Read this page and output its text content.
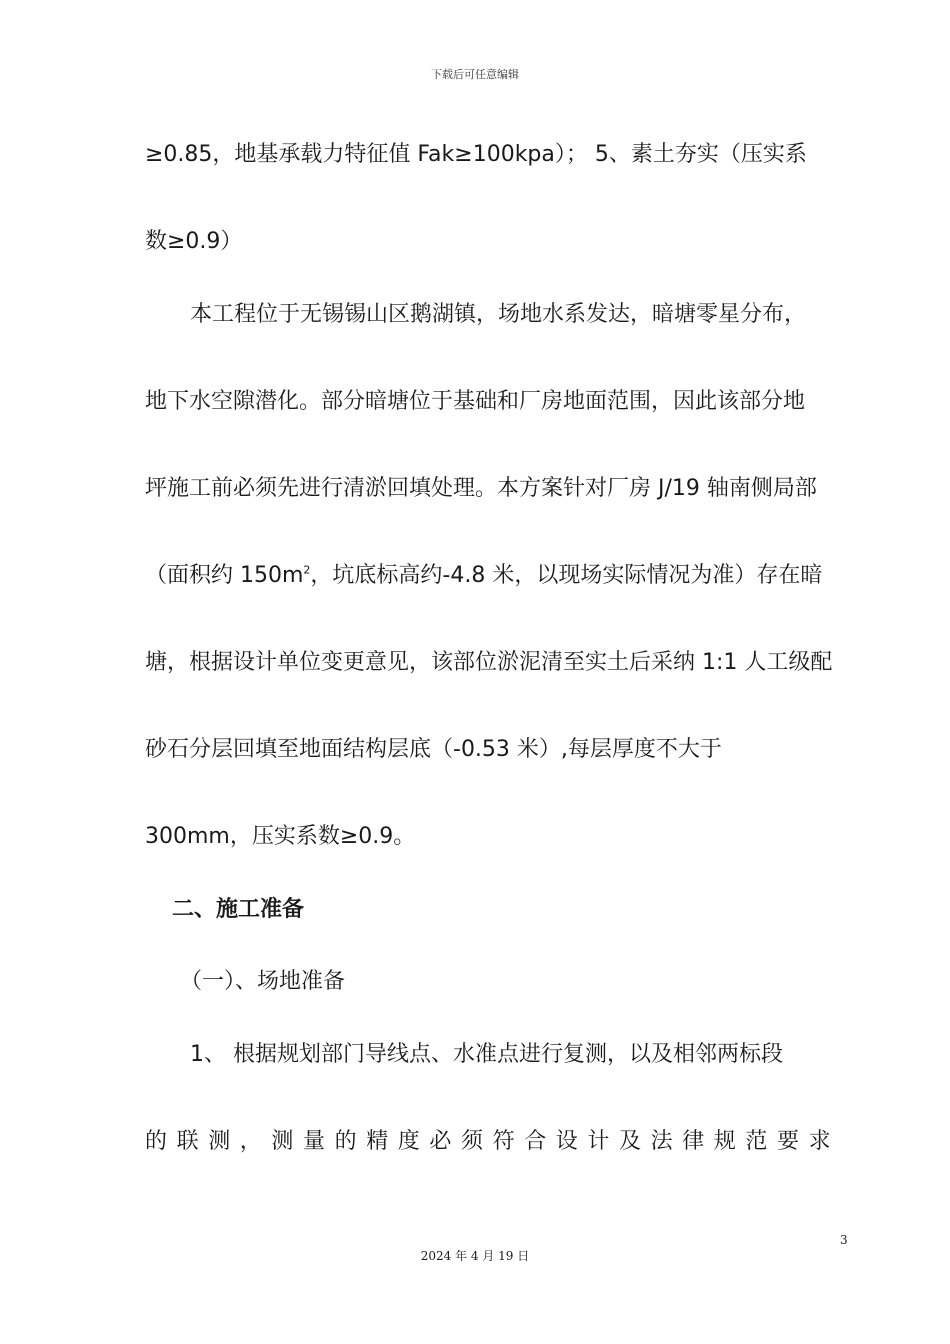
下载后可任意编辑
≥0.85，地基承载力特征值 Fak≥100kpa）； 5、素土夯实（压实系
数≥0.9）
本工程位于无锡锡山区鹅湖镇，场地水系发达，暗塘零星分布，
地下水空隙潜化。部分暗塘位于基础和厂房地面范围，因此该部分地
坪施工前必须先进行清淤回填处理。本方案针对厂房 J/19 轴南侧局部
（面积约 $150m^2$，坑底标高约-4.8 米，以现场实际情况为准）存在暗
塘，根据设计单位变更意见，该部位淤泥清至实土后采纳 1:1 人工级配
砂石分层回填至地面结构层底（-0.53 米）,每层厚度不大于
300mm，压实系数≥0.9。
二、施工准备
（一）、场地准备
1、 根据规划部门导线点、水准点进行复测，以及相邻两标段
的联测，测量的精度必须符合设计及法律规范要求
3
2024 年 4 月 19 日
